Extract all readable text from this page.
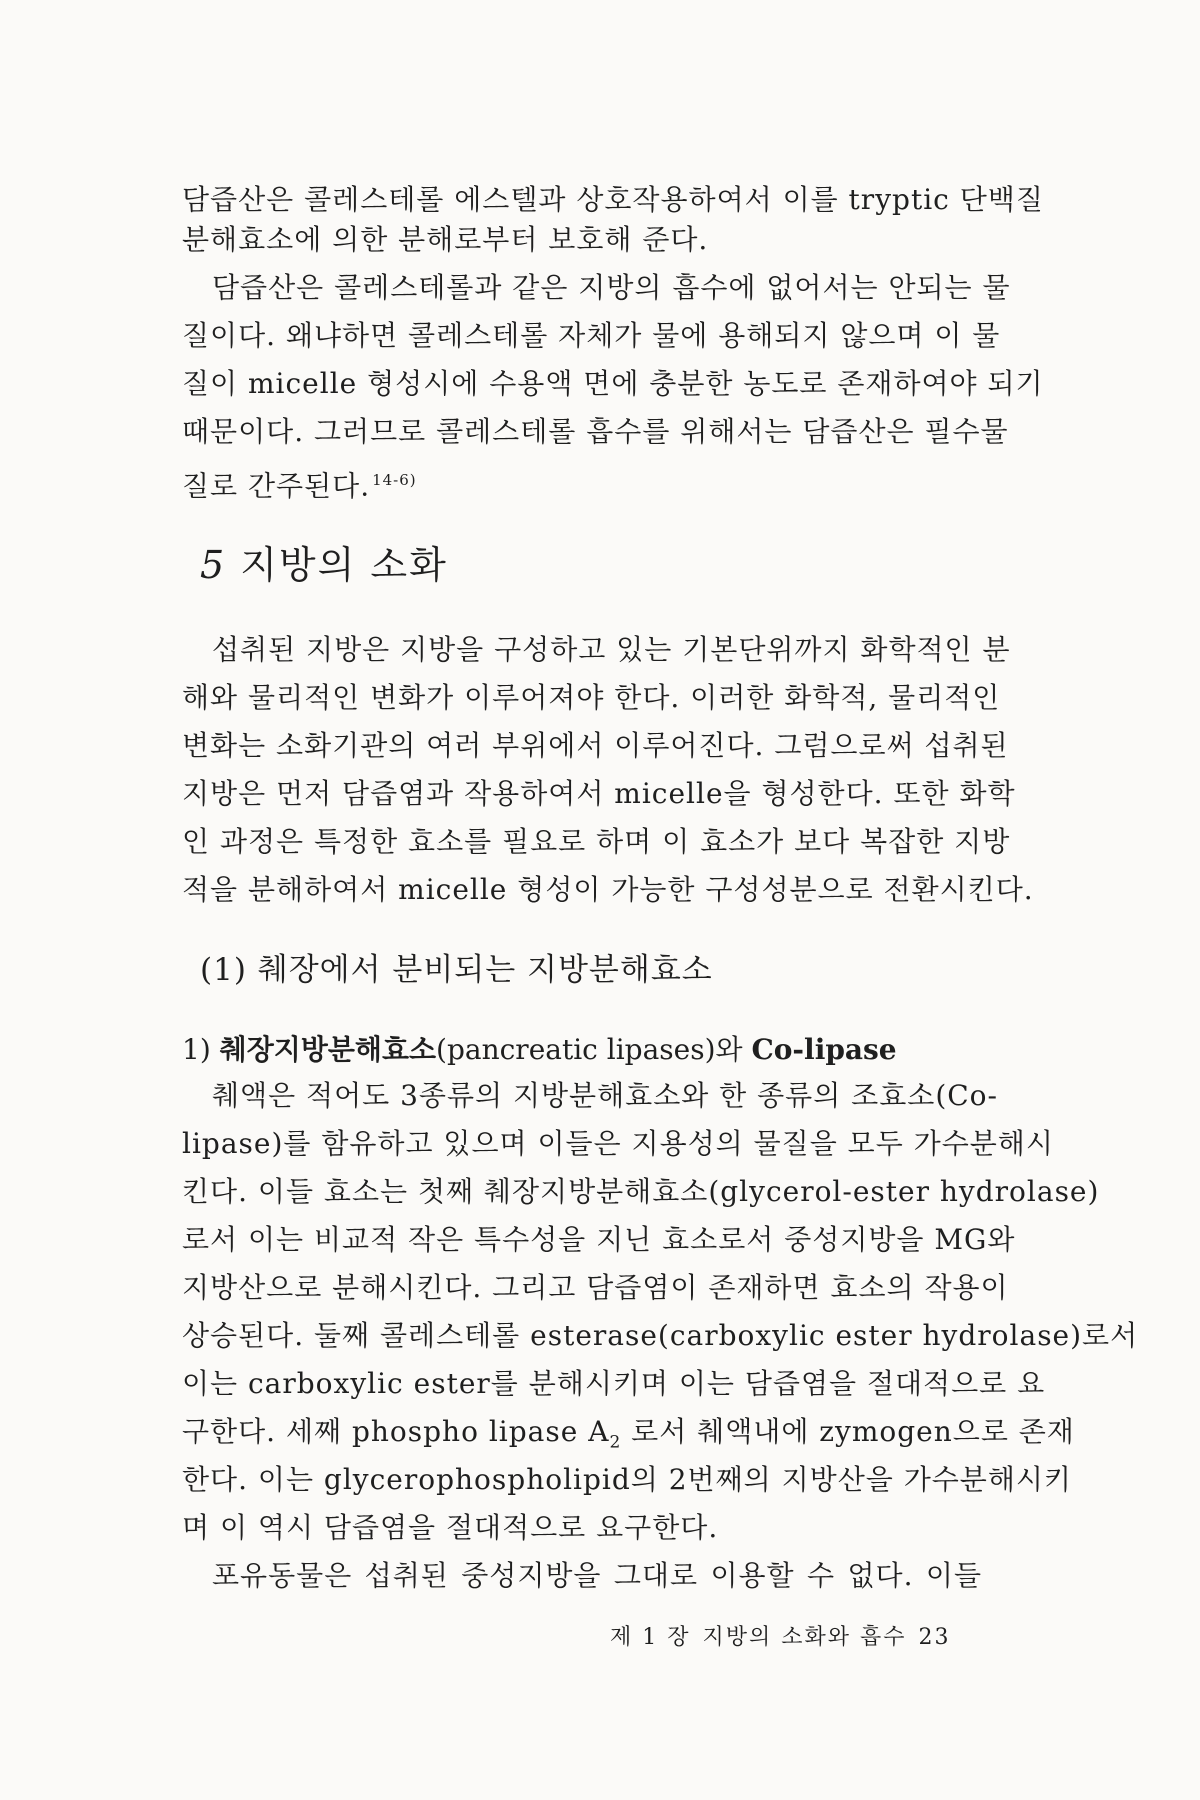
담즙산은 콜레스테롤 에스텔과 상호작용하여서 이를 tryptic 단백질
분해효소에 의한 분해로부터 보호해 준다.
담즙산은 콜레스테롤과 같은 지방의 흡수에 없어서는 안되는 물
질이다. 왜냐하면 콜레스테롤 자체가 물에 용해되지 않으며 이 물
질이 micelle 형성시에 수용액 면에 충분한 농도로 존재하여야 되기
때문이다. 그러므로 콜레스테롤 흡수를 위해서는 담즙산은 필수물
질로 간주된다. $^{14-6)}$
5 지방의 소화
섭취된 지방은 지방을 구성하고 있는 기본단위까지 화학적인 분
해와 물리적인 변화가 이루어져야 한다. 이러한 화학적, 물리적인
변화는 소화기관의 여러 부위에서 이루어진다. 그럼으로써 섭취된
지방은 먼저 담즙염과 작용하여서 micelle을 형성한다. 또한 화학
인 과정은 특정한 효소를 필요로 하며 이 효소가 보다 복잡한 지방
적을 분해하여서 micelle 형성이 가능한 구성성분으로 전환시킨다.
(1) 췌장에서 분비되는 지방분해효소
1) 췌장지방분해효소(pancreatic lipases)와 Co-lipase
췌액은 적어도 3종류의 지방분해효소와 한 종류의 조효소(Co-
lipase)를 함유하고 있으며 이들은 지용성의 물질을 모두 가수분해시
킨다. 이들 효소는 첫째 췌장지방분해효소(glycerol-ester hydrolase)
로서 이는 비교적 작은 특수성을 지닌 효소로서 중성지방을 MG와
지방산으로 분해시킨다. 그리고 담즙염이 존재하면 효소의 작용이
상승된다. 둘째 콜레스테롤 esterase(carboxylic ester hydrolase)로서
이는 carboxylic ester를 분해시키며 이는 담즙염을 절대적으로 요
구한다. 세째 phospho lipase $A_2$ 로서 췌액내에 zymogen으로 존재
한다. 이는 glycerophospholipid의 2번째의 지방산을 가수분해시키
며 이 역시 담즙염을 절대적으로 요구한다.
포유동물은 섭취된 중성지방을 그대로 이용할 수 없다. 이들
제 1 장 지방의 소화와 흡수 23
